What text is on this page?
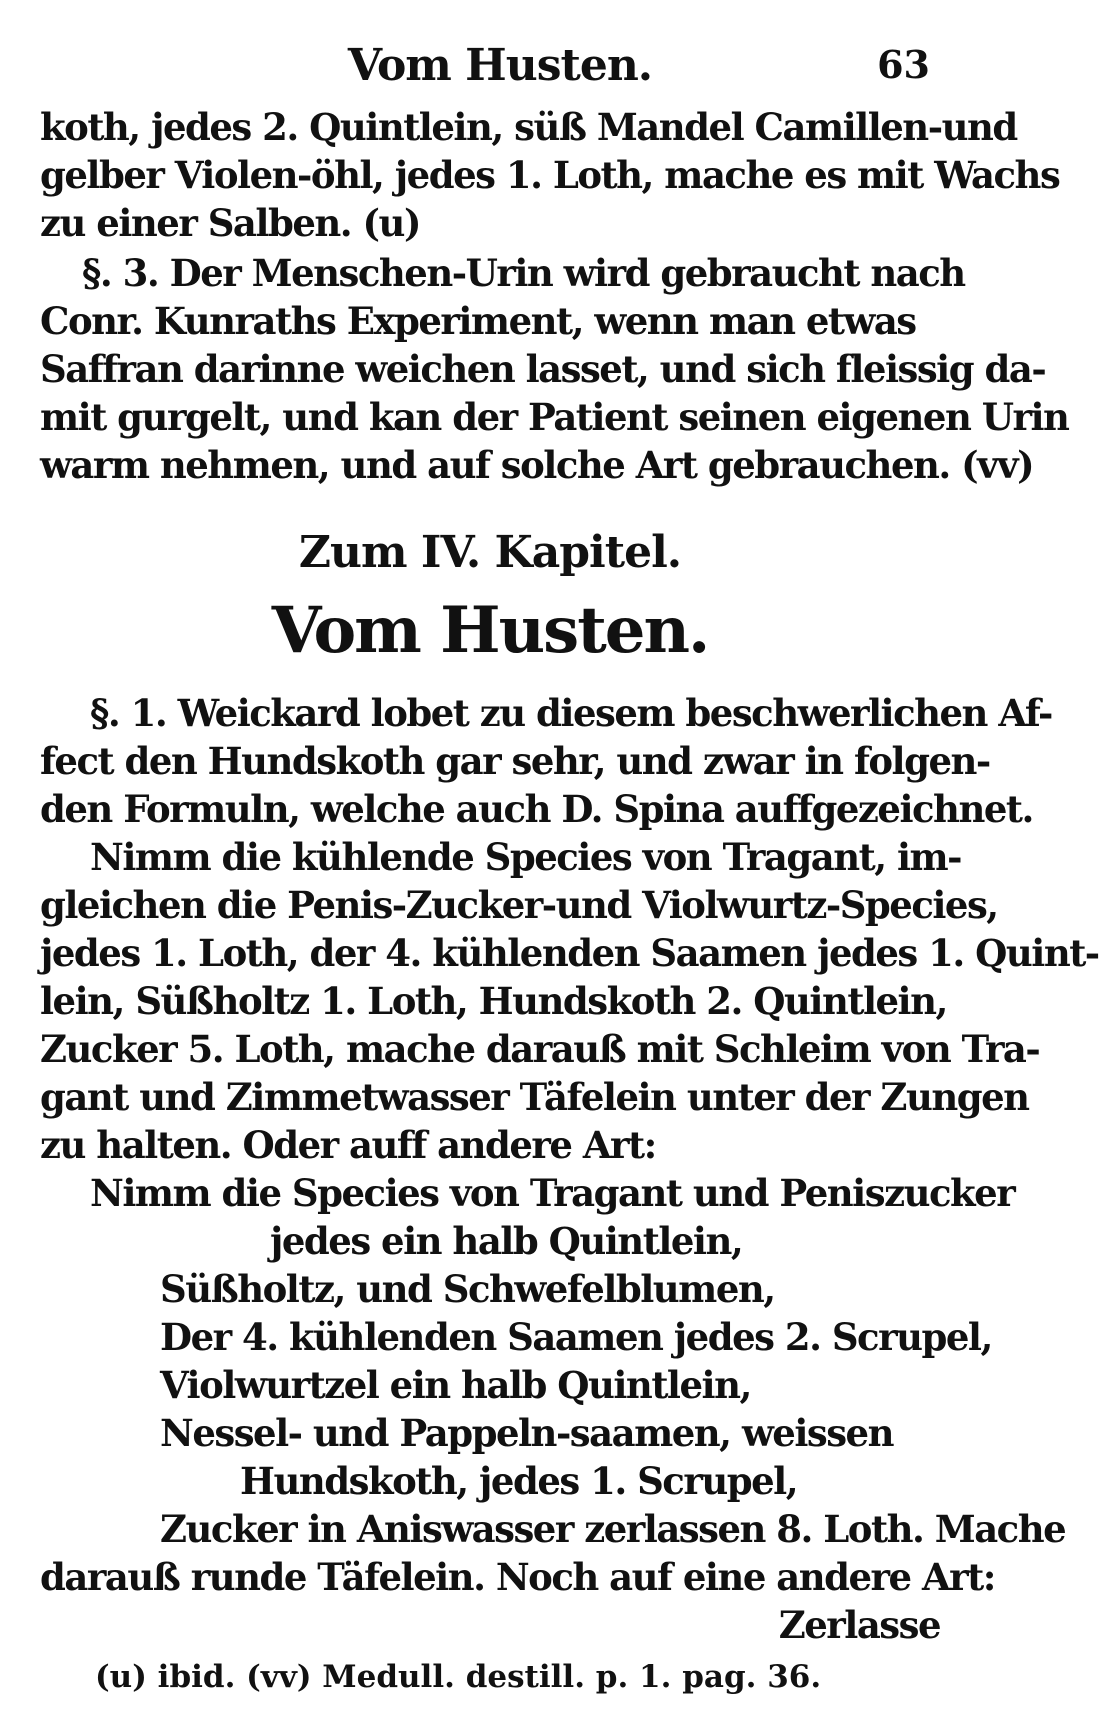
Vom Husten.	63
koth, jedes 2. Quintlein, süß Mandel Camillen-und
gelber Violen-öhl, jedes 1. Loth, mache es mit Wachs
zu einer Salben. (u)
§. 3. Der Menschen-Urin wird gebraucht nach
Conr. Kunraths Experiment, wenn man etwas
Saffran darinne weichen lasset, und sich fleissig da-
mit gurgelt, und kan der Patient seinen eigenen Urin
warm nehmen, und auf solche Art gebrauchen. (vv)
Zum IV. Kapitel.
Vom Husten.
§. 1. Weickard lobet zu diesem beschwerlichen Af-
fect den Hundskoth gar sehr, und zwar in folgen-
den Formuln, welche auch D. Spina auffgezeichnet.
Nimm die kühlende Species von Tragant, im-
gleichen die Penis-Zucker-und Violwurtz-Species,
jedes 1. Loth, der 4. kühlenden Saamen jedes 1. Quint-
lein, Süßholtz 1. Loth, Hundskoth 2. Quintlein,
Zucker 5. Loth, mache darauß mit Schleim von Tra-
gant und Zimmetwasser Täfelein unter der Zungen
zu halten. Oder auff andere Art:
Nimm die Species von Tragant und Peniszucker
jedes ein halb Quintlein,
Süßholtz, und Schwefelblumen,
Der 4. kühlenden Saamen jedes 2. Scrupel,
Violwurtzel ein halb Quintlein,
Nessel- und Pappeln-saamen, weissen
Hundskoth, jedes 1. Scrupel,
Zucker in Aniswasser zerlassen 8. Loth. Mache
darauß runde Täfelein. Noch auf eine andere Art:
Zerlasse
(u) ibid. (vv) Medull. destill. p. 1. pag. 36.
